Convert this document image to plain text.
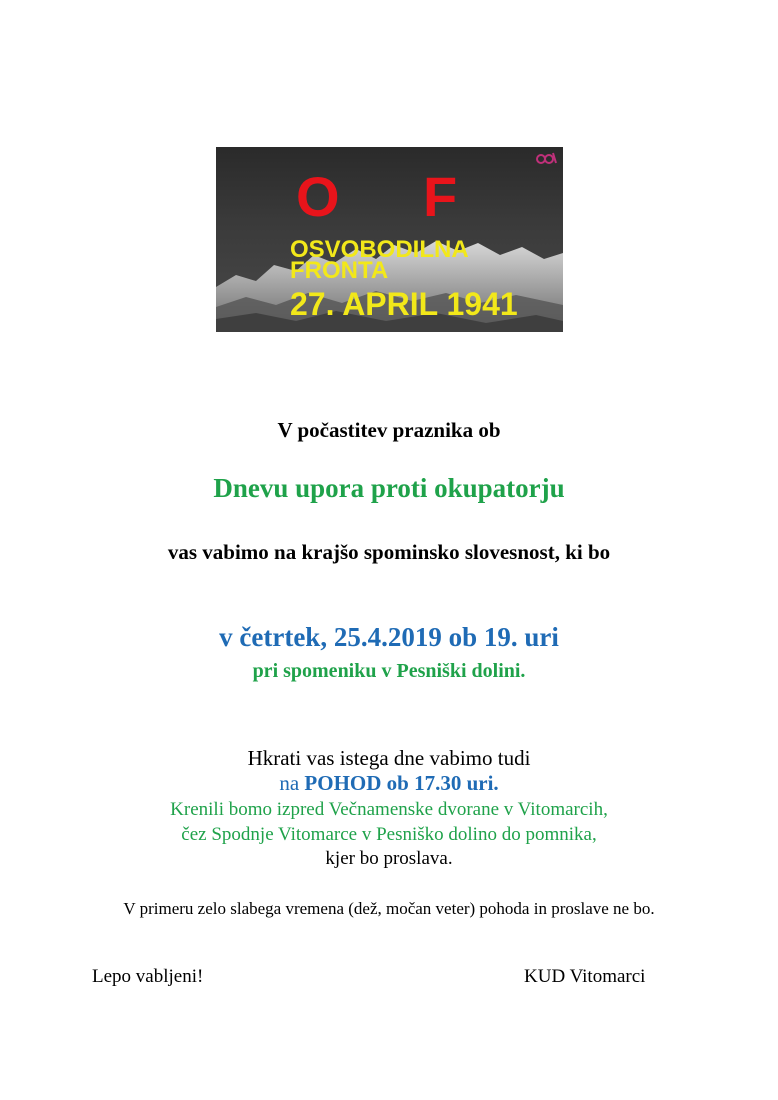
O F
OSVOBODILNA
FRONTA
27. APRIL 1941
V počastitev praznika ob
Dnevu upora proti okupatorju
vas vabimo na krajšo spominsko slovesnost, ki bo
v četrtek, 25.4.2019 ob 19. uri
pri spomeniku v Pesniški dolini.
Hkrati vas istega dne vabimo tudi
na POHOD ob 17.30 uri.
Krenili bomo izpred Večnamenske dvorane v Vitomarcih,
čez Spodnje Vitomarce v Pesniško dolino do pomnika,
kjer bo proslava.
V primeru zelo slabega vremena (dež, močan veter) pohoda in proslave ne bo.
Lepo vabljeni!	KUD Vitomarci
